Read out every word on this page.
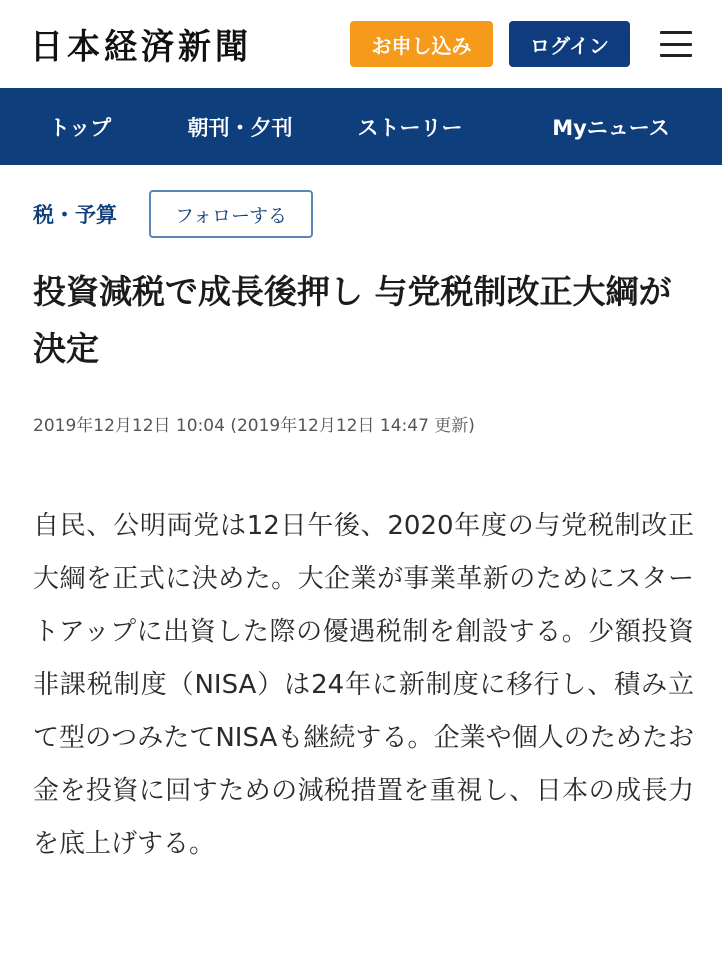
日本経済新聞	お申し込み	ログイン
トップ	朝刊・夕刊	ストーリー	Myニュース
税・予算	フォローする
投資減税で成長後押し 与党税制改正大綱が決定
2019年12月12日 10:04 (2019年12月12日 14:47 更新)

自民、公明両党は12日午後、2020年度の与党税制改正大綱を正式に決めた。大企業が事業革新のためにスタートアップに出資した際の優遇税制を創設する。少額投資非課税制度（NISA）は24年に新制度に移行し、積み立て型のつみたてNISAも継続する。企業や個人のためたお金を投資に回すための減税措置を重視し、日本の成長力を底上げする。
